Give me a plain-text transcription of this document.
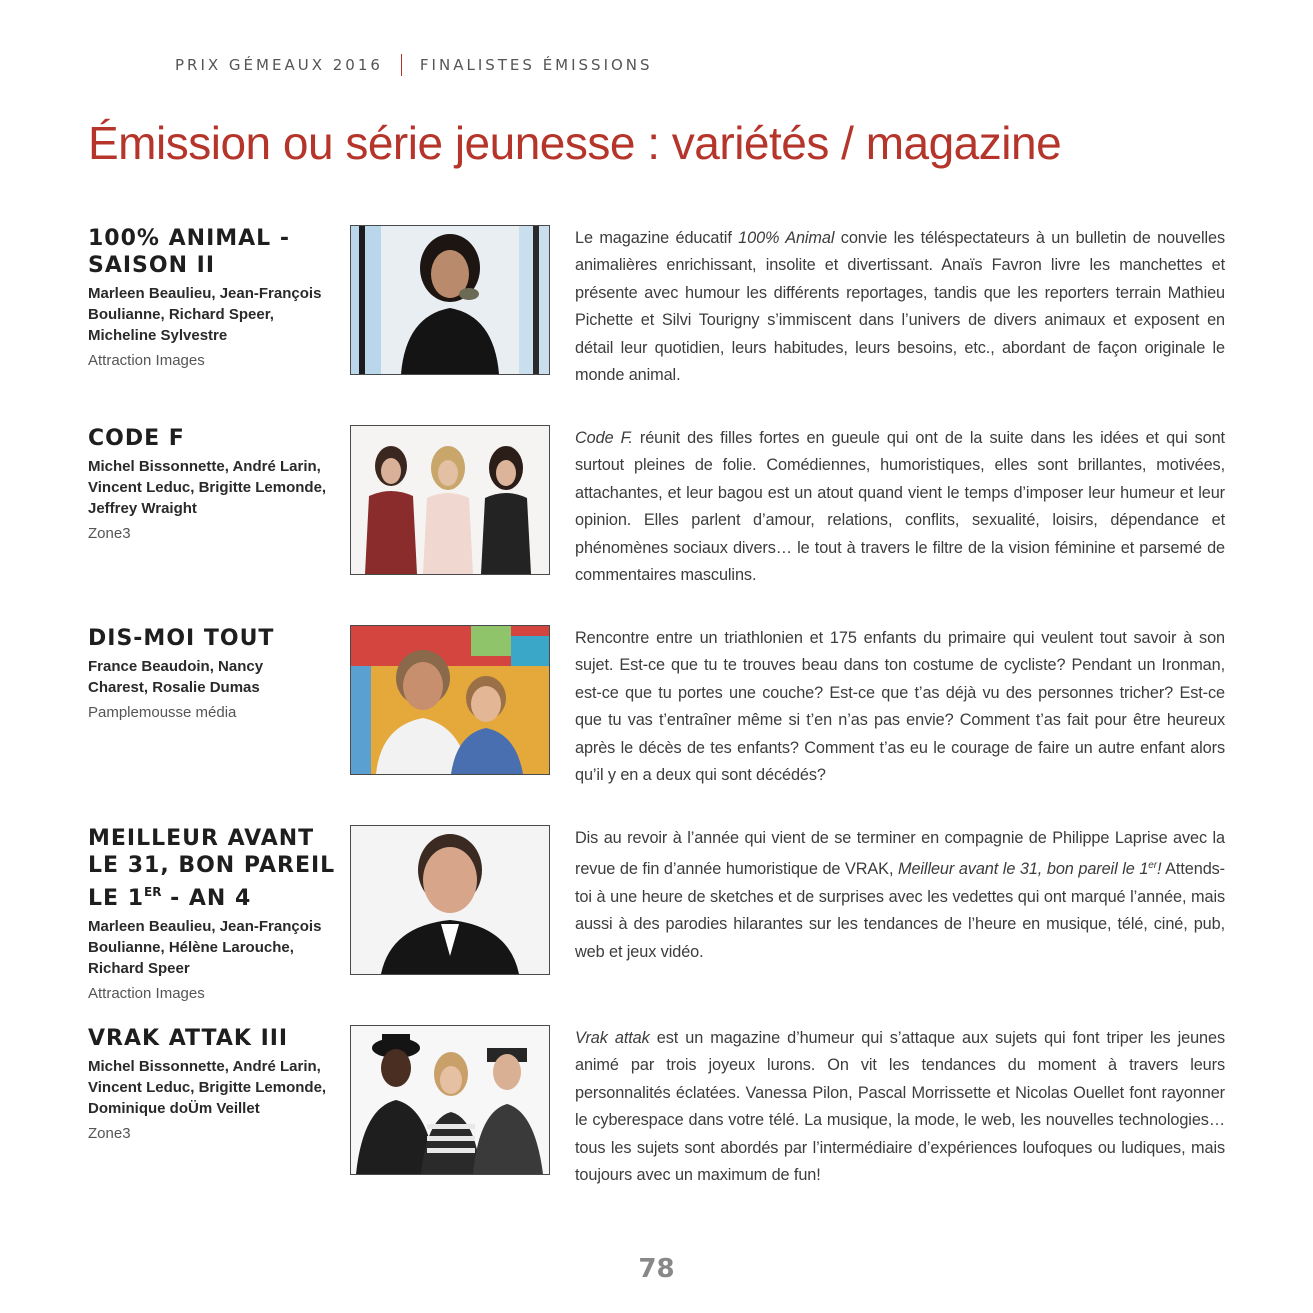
PRIX GÉMEAUX 2016 FINALISTES ÉMISSIONS
Émission ou série jeunesse : variétés / magazine
100% ANIMAL -
SAISON II

Marleen Beaulieu, Jean-François
Boulianne, Richard Speer,
Micheline Sylvestre

Attraction Images

Le magazine éducatif 100% Animal convie les téléspectateurs à un bulletin de nouvelles animalières enrichissant, insolite et divertissant. Anaïs Favron livre les manchettes et présente avec humour les différents reportages, tandis que les reporters terrain Mathieu Pichette et Silvi Tourigny s’immiscent dans l’univers de divers animaux et exposent en détail leur quotidien, leurs habitudes, leurs besoins, etc., abordant de façon originale le monde animal.

CODE F

Michel Bissonnette, André Larin,
Vincent Leduc, Brigitte Lemonde,
Jeffrey Wraight

Zone3

Code F. réunit des filles fortes en gueule qui ont de la suite dans les idées et qui sont surtout pleines de folie. Comédiennes, humoristiques, elles sont brillantes, motivées, attachantes, et leur bagou est un atout quand vient le temps d’imposer leur humeur et leur opinion. Elles parlent d’amour, relations, conflits, sexualité, loisirs, dépendance et phénomènes sociaux divers… le tout à travers le filtre de la vision féminine et parsemé de commentaires masculins.

DIS-MOI TOUT

France Beaudoin, Nancy
Charest, Rosalie Dumas

Pamplemousse média

Rencontre entre un triathlonien et 175 enfants du primaire qui veulent tout savoir à son sujet. Est-ce que tu te trouves beau dans ton costume de cycliste? Pendant un Ironman, est-ce que tu portes une couche? Est-ce que t’as déjà vu des personnes tricher? Est-ce que tu vas t’entraîner même si t’en n’as pas envie? Comment t’as fait pour être heureux après le décès de tes enfants? Comment t’as eu le courage de faire un autre enfant alors qu’il y en a deux qui sont décédés?

MEILLEUR AVANT
LE 31, BON PAREIL
LE 1ER - AN 4

Marleen Beaulieu, Jean-François
Boulianne, Hélène Larouche,
Richard Speer

Attraction Images

Dis au revoir à l’année qui vient de se terminer en compagnie de Philippe Laprise avec la revue de fin d’année humoristique de VRAK, Meilleur avant le 31, bon pareil le 1er! Attends-toi à une heure de sketches et de surprises avec les vedettes qui ont marqué l’année, mais aussi à des parodies hilarantes sur les tendances de l’heure en musique, télé, ciné, pub, web et jeux vidéo.

VRAK ATTAK III

Michel Bissonnette, André Larin,
Vincent Leduc, Brigitte Lemonde,
Dominique doÜm Veillet

Zone3

Vrak attak est un magazine d’humeur qui s’attaque aux sujets qui font triper les jeunes animé par trois joyeux lurons. On vit les tendances du moment à travers leurs personnalités éclatées. Vanessa Pilon, Pascal Morrissette et Nicolas Ouellet font rayonner le cyberespace dans votre télé. La musique, la mode, le web, les nouvelles technologies… tous les sujets sont abordés par l’intermédiaire d’expériences loufoques ou ludiques, mais toujours avec un maximum de fun!

78
